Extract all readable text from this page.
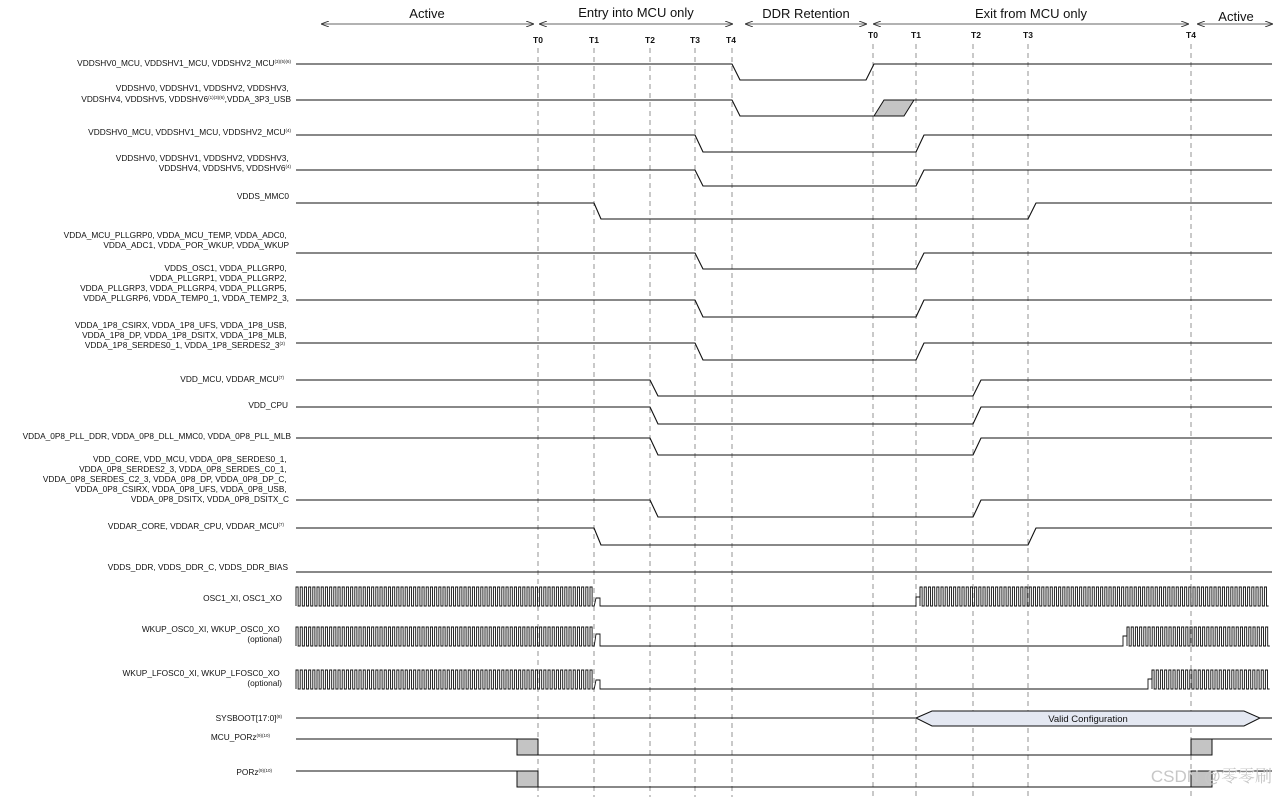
Active	Entry into MCU only	DDR Retention	Exit from MCU only	Active
T0	T1	T2	T3	T4	T0	T1	T2	T3	T4
VDDSHV0_MCU, VDDSHV1_MCU, $VDDSHV2\_MCU^{(3)(5)(6)}$
VDDSHV0, VDDSHV1, VDDSHV2, VDDSHV3, VDDSHV4, VDDSHV5, $VDDSHV6^{(1)(3)(6)},VDDA\_3P3\_USB$
VDDSHV0_MCU, VDDSHV1_MCU, VDDSHV2_MCU$^{(4)}$
VDDSHV0, VDDSHV1, VDDSHV2, VDDSHV3, VDDSHV4, VDDSHV5, VDDSHV6$^{(4)}$
VDDS_MMC0
VDDA_MCU_PLLGRP0, VDDA_MCU_TEMP, VDDA_ADC0, VDDA_ADC1, VDDA_POR_WKUP, VDDA_WKUP
VDDS_OSC1, VDDA_PLLGRP0, VDDA_PLLGRP1, VDDA_PLLGRP2, VDDA_PLLGRP3, VDDA_PLLGRP4, VDDA_PLLGRP5, VDDA_PLLGRP6, VDDA_TEMP0_1, VDDA_TEMP2_3,
VDDA_1P8_CSIRX, VDDA_1P8_UFS, VDDA_1P8_USB, VDDA_1P8_DP, VDDA_1P8_DSITX, VDDA_1P8_MLB, VDDA_1P8_SERDES0_1, VDDA_1P8_SERDES2_3$^{(2)}$
VDD_MCU, VDDAR_MCU$^{(7)}$
VDD_CPU
VDDA_0P8_PLL_DDR, VDDA_0P8_DLL_MMC0, VDDA_0P8_PLL_MLB
VDD_CORE, VDD_MCU, VDDA_0P8_SERDES0_1, VDDA_0P8_SERDES2_3, VDDA_0P8_SERDES_C0_1, VDDA_0P8_SERDES_C2_3, VDDA_0P8_DP, VDDA_0P8_DP_C, VDDA_0P8_CSIRX, VDDA_0P8_UFS, VDDA_0P8_USB, VDDA_0P8_DSITX, VDDA_0P8_DSITX_C
VDDAR_CORE, VDDAR_CPU, VDDAR_MCU$^{(7)}$
VDDS_DDR, VDDS_DDR_C, VDDS_DDR_BIAS
OSC1_XI, OSC1_XO
WKUP_OSC0_XI, WKUP_OSC0_XO (optional)
WKUP_LFOSC0_XI, WKUP_LFOSC0_XO (optional)
SYSBOOT[17:0]$^{(8)}$
MCU_PORz$^{(9)(10)}$
PORz$^{(9)(10)}$
Valid Configuration
CSDN @零零刷
